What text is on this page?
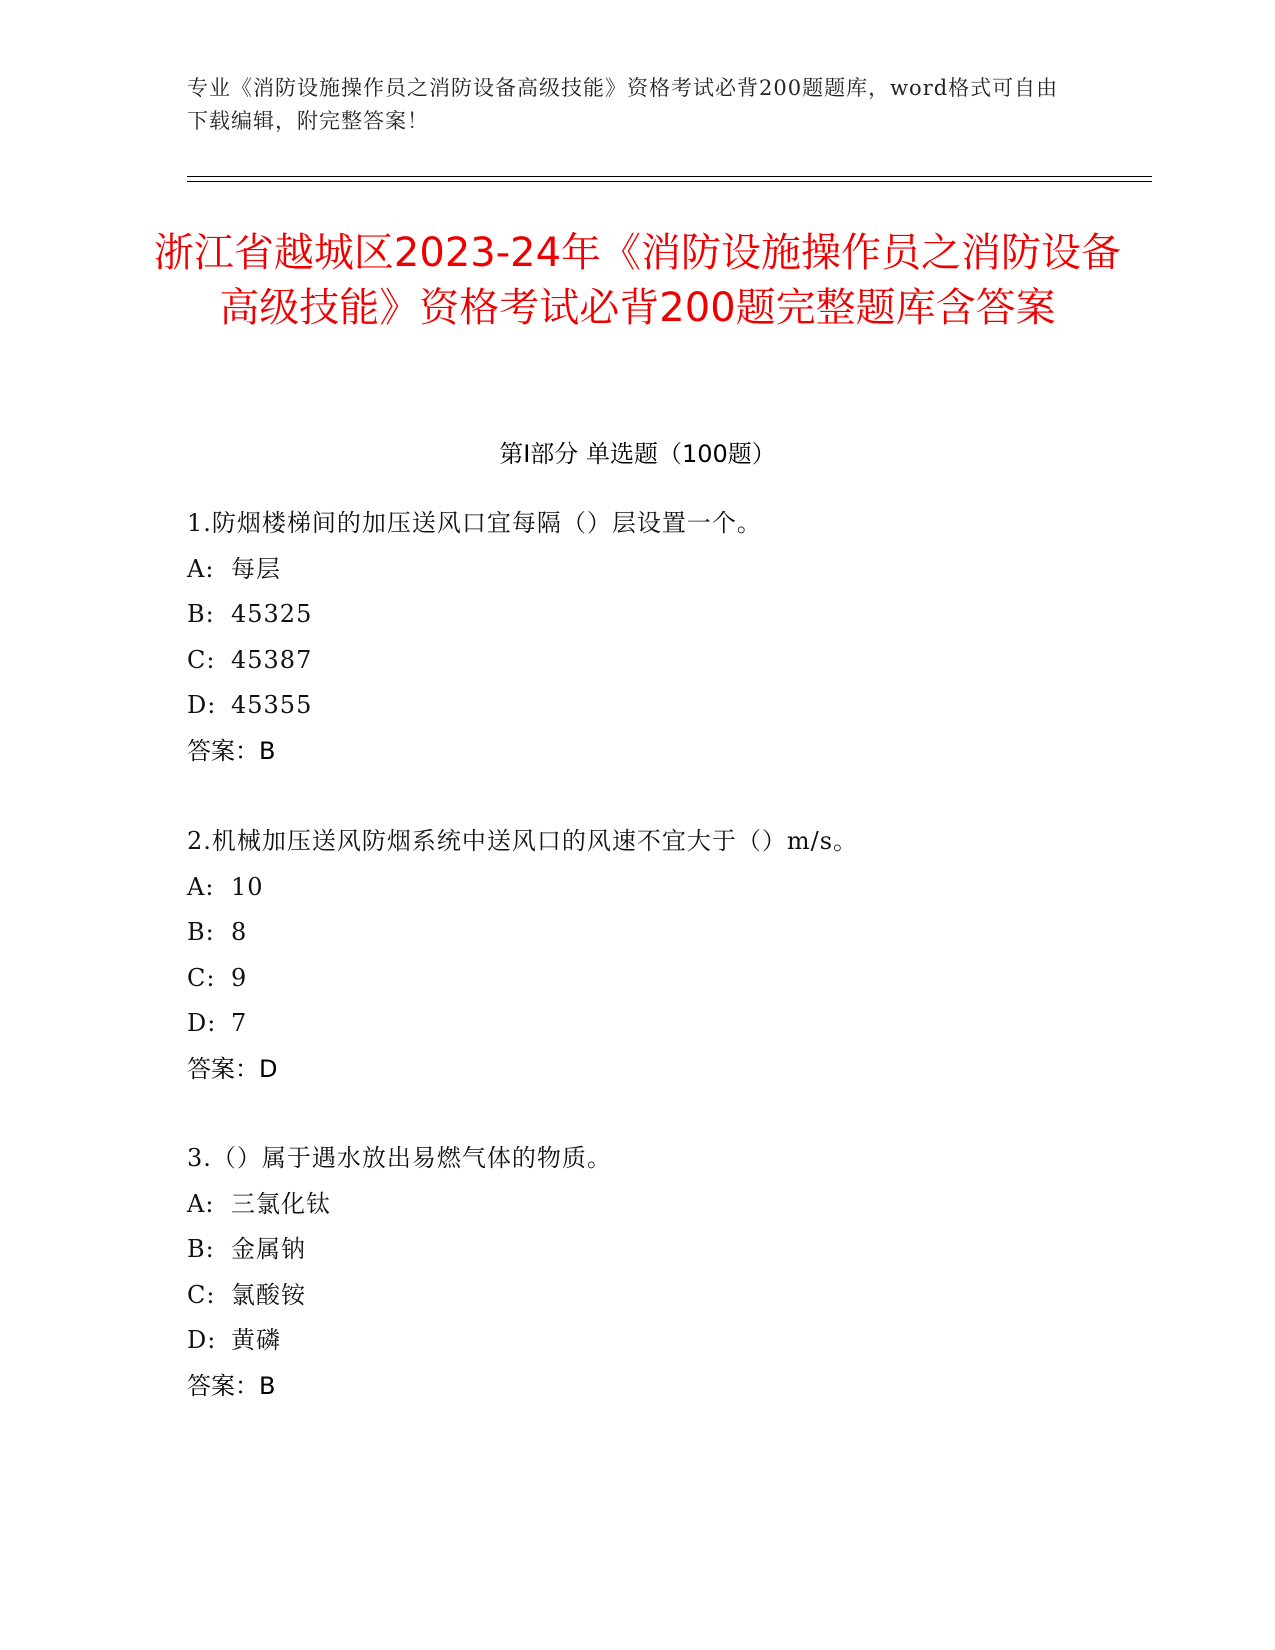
专业《消防设施操作员之消防设备高级技能》资格考试必背200题题库，word格式可自由下载编辑，附完整答案！
浙江省越城区2023-24年《消防设施操作员之消防设备高级技能》资格考试必背200题完整题库含答案
第I部分 单选题（100题）
1.防烟楼梯间的加压送风口宜每隔（）层设置一个。
A: 每层
B: 45325
C: 45387
D: 45355
答案：B
2.机械加压送风防烟系统中送风口的风速不宜大于（）m/s。
A: 10
B: 8
C: 9
D: 7
答案：D
3.（）属于遇水放出易燃气体的物质。
A: 三氯化钛
B: 金属钠
C: 氯酸铵
D: 黄磷
答案：B
